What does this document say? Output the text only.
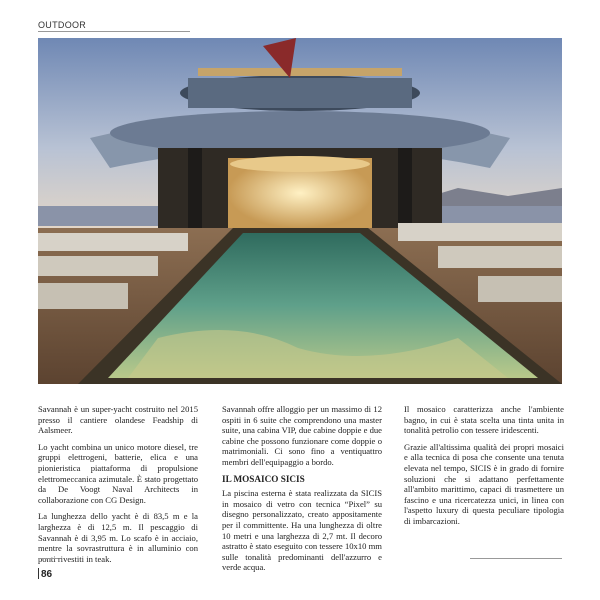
OUTDOOR

Savannah è un super-yacht costruito nel 2015 presso il cantiere olandese Feadship di Aalsmeer.

Lo yacht combina un unico motore diesel, tre gruppi elettrogeni, batterie, elica e una pionieristica piattaforma di propulsione elettromeccanica azimutale. È stato progettato da De Voogt Naval Architects in collaborazione con CG Design.

La lunghezza dello yacht è di 83,5 m e la larghezza è di 12,5 m. Il pescaggio di Savannah è di 3,95 m. Lo scafo è in acciaio, mentre la sovrastruttura è in alluminio con ponti rivestiti in teak.

Savannah offre alloggio per un massimo di 12 ospiti in 6 suite che comprendono una master suite, una cabina VIP, due cabine doppie e due cabine che possono funzionare come doppie o matrimoniali. Ci sono fino a ventiquattro membri dell'equipaggio a bordo.

IL MOSAICO SICIS

La piscina esterna è stata realizzata da SICIS in mosaico di vetro con tecnica “Pixel” su disegno personalizzato, creato appositamente per il committente. Ha una lunghezza di oltre 10 metri e una larghezza di 2,7 mt. Il decoro astratto è stato eseguito con tessere 10x10 mm sulle tonalità predominanti dell'azzurro e verde acqua.

Il mosaico caratterizza anche l'ambiente bagno, in cui è stata scelta una tinta unita in tonalità petrolio con tessere iridescenti.

Grazie all'altissima qualità dei propri mosaici e alla tecnica di posa che consente una tenuta elevata nel tempo, SICIS è in grado di fornire soluzioni che si adattano perfettamente all'ambito marittimo, capaci di trasmettere un fascino e una ricercatezza unici, in linea con l'aspetto luxury di questa peculiare tipologia di imbarcazioni.

86
